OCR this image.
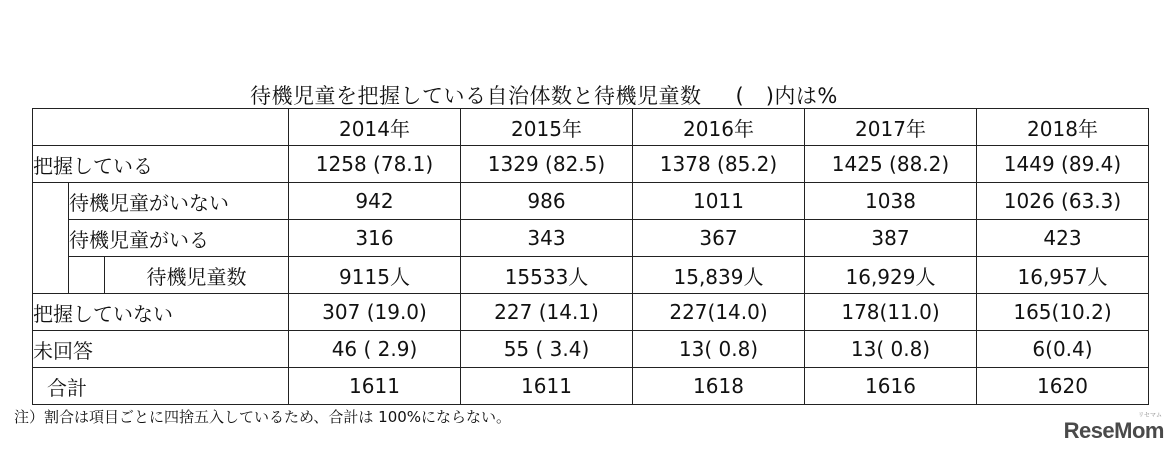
待機児童を把握している自治体数と待機児童数 (　)内は%
			2014年	2015年	2016年	2017年	2018年
把握している			1258 (78.1)	1329 (82.5)	1378 (85.2)	1425 (88.2)	1449 (89.4)
	待機児童がいない		942	986	1011	1038	1026 (63.3)
	待機児童がいる		316	343	367	387	423
		待機児童数	9115人	15533人	15,839人	16,929人	16,957人
把握していない			307 (19.0)	227 (14.1)	227(14.0)	178(11.0)	165(10.2)
未回答			46 ( 2.9)	55 ( 3.4)	13( 0.8)	13( 0.8)	6(0.4)
合計			1611	1611	1618	1616	1620
注）割合は項目ごとに四捨五入しているため、合計は 100%にならない。	リセマム
ReseMom
